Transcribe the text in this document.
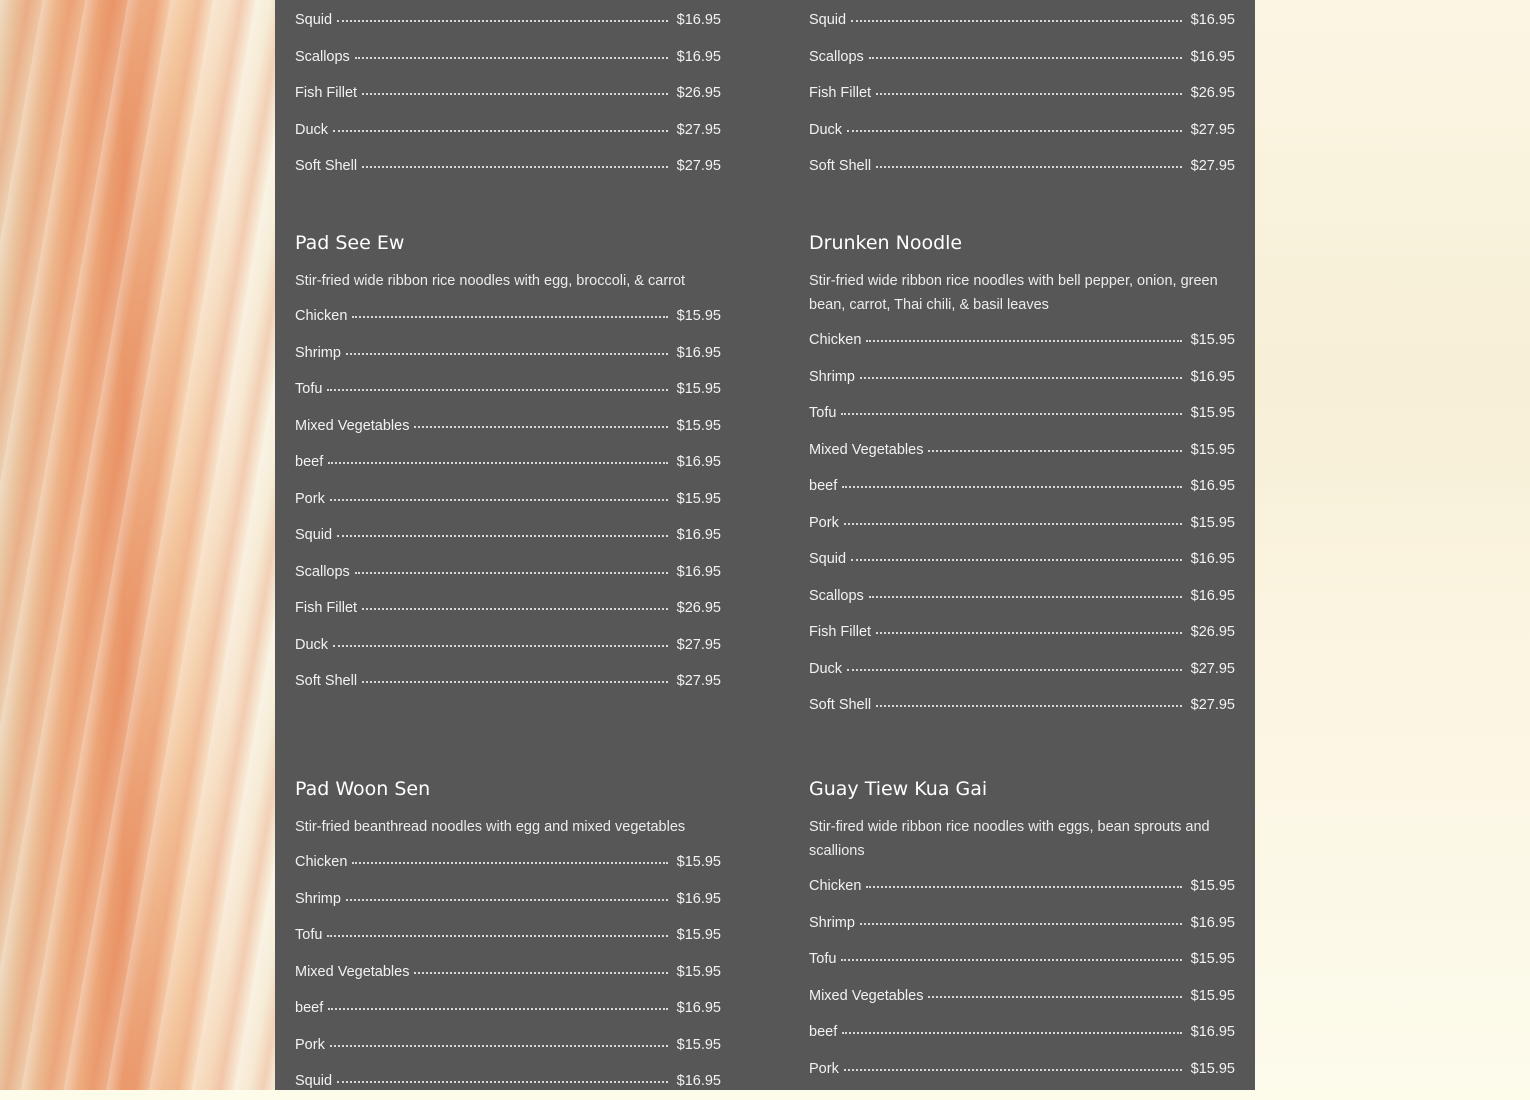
Squid	$16.95
Scallops	$16.95
Fish Fillet	$26.95
Duck	$27.95
Soft Shell	$27.95
Pad See Ew
Stir-fried wide ribbon rice noodles with egg, broccoli, & carrot
Chicken	$15.95
Shrimp	$16.95
Tofu	$15.95
Mixed Vegetables	$15.95
beef	$16.95
Pork	$15.95
Squid	$16.95
Scallops	$16.95
Fish Fillet	$26.95
Duck	$27.95
Soft Shell	$27.95
Pad Woon Sen
Stir-fried beanthread noodles with egg and mixed vegetables
Chicken	$15.95
Shrimp	$16.95
Tofu	$15.95
Mixed Vegetables	$15.95
beef	$16.95
Pork	$15.95
Squid	$16.95
Squid	$16.95
Scallops	$16.95
Fish Fillet	$26.95
Duck	$27.95
Soft Shell	$27.95
Drunken Noodle
Stir-fried wide ribbon rice noodles with bell pepper, onion, green bean, carrot, Thai chili, & basil leaves
Chicken	$15.95
Shrimp	$16.95
Tofu	$15.95
Mixed Vegetables	$15.95
beef	$16.95
Pork	$15.95
Squid	$16.95
Scallops	$16.95
Fish Fillet	$26.95
Duck	$27.95
Soft Shell	$27.95
Guay Tiew Kua Gai
Stir-fired wide ribbon rice noodles with eggs, bean sprouts and scallions
Chicken	$15.95
Shrimp	$16.95
Tofu	$15.95
Mixed Vegetables	$15.95
beef	$16.95
Pork	$15.95
